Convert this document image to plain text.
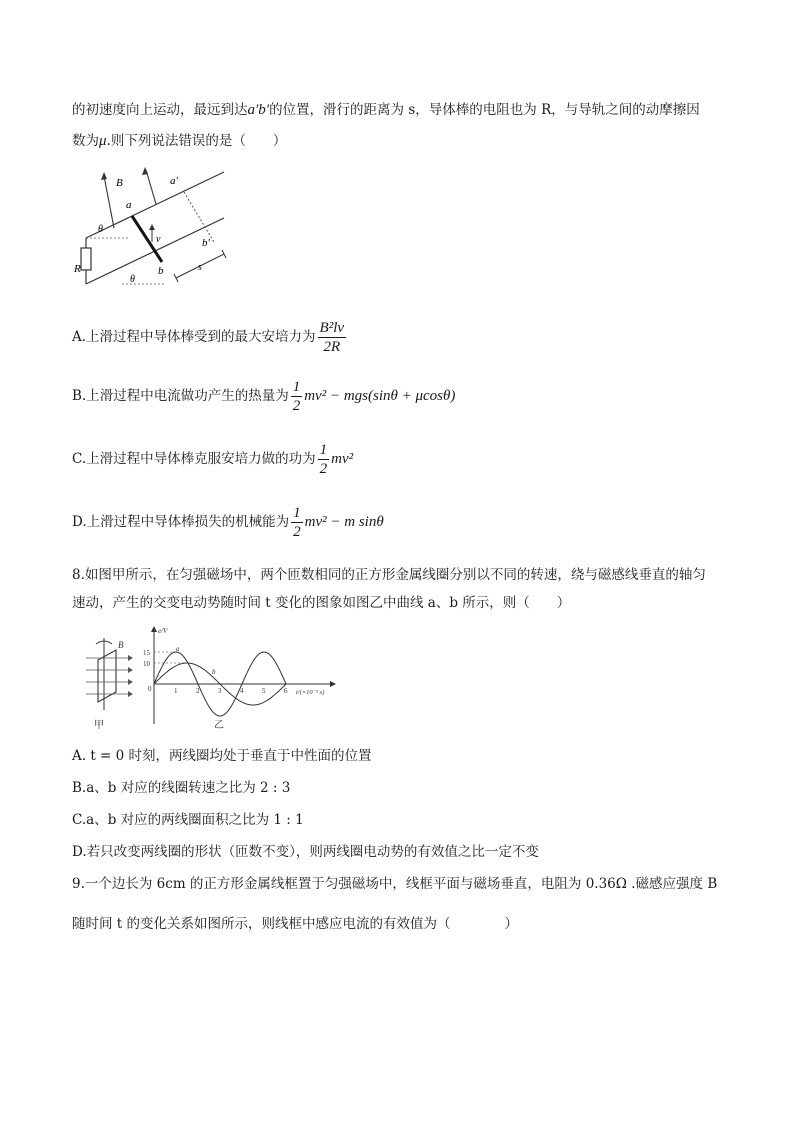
的初速度向上运动，最远到达a′b′的位置，滑行的距离为 s，导体棒的电阻也为 R，与导轨之间的动摩擦因
数为μ.则下列说法错误的是（　　）
B
a
a′
v
θ
θ
R	b
b′
s
A.上滑过程中导体棒受到的最大安培力为 $\frac{\text{B²lv}}{2R}$
B.上滑过程中电流做功产生的热量为 $\frac{1}{2} mv^2 - mgs(\sin\theta + \mu\cos\theta)$
C.上滑过程中导体棒克服安培力做的功为 $\frac{1}{2} mv^2$
D.上滑过程中导体棒损失的机械能为 $\frac{1}{2} mv^2 - m$ sinθ
8.如图甲所示，在匀强磁场中，两个匝数相同的正方形金属线圈分别以不同的转速，绕与磁感线垂直的轴匀
速动，产生的交变电动势随时间 t 变化的图象如图乙中曲线 a、b 所示，则（　　）
B
甲
1	2	3	4	5	6
e/V
t/(×10⁻² s)
15
10
0
a
b
乙
A. t = 0 时刻，两线圈均处于垂直于中性面的位置
B.a、b 对应的线圈转速之比为 2 : 3
C.a、b 对应的两线圈面积之比为 1 : 1
D.若只改变两线圈的形状（匝数不变），则两线圈电动势的有效值之比一定不变
9.一个边长为 6cm 的正方形金属线框置于匀强磁场中，线框平面与磁场垂直，电阻为 0.36Ω .磁感应强度 B
随时间 t 的变化关系如图所示，则线框中感应电流的有效值为（　　　　）
